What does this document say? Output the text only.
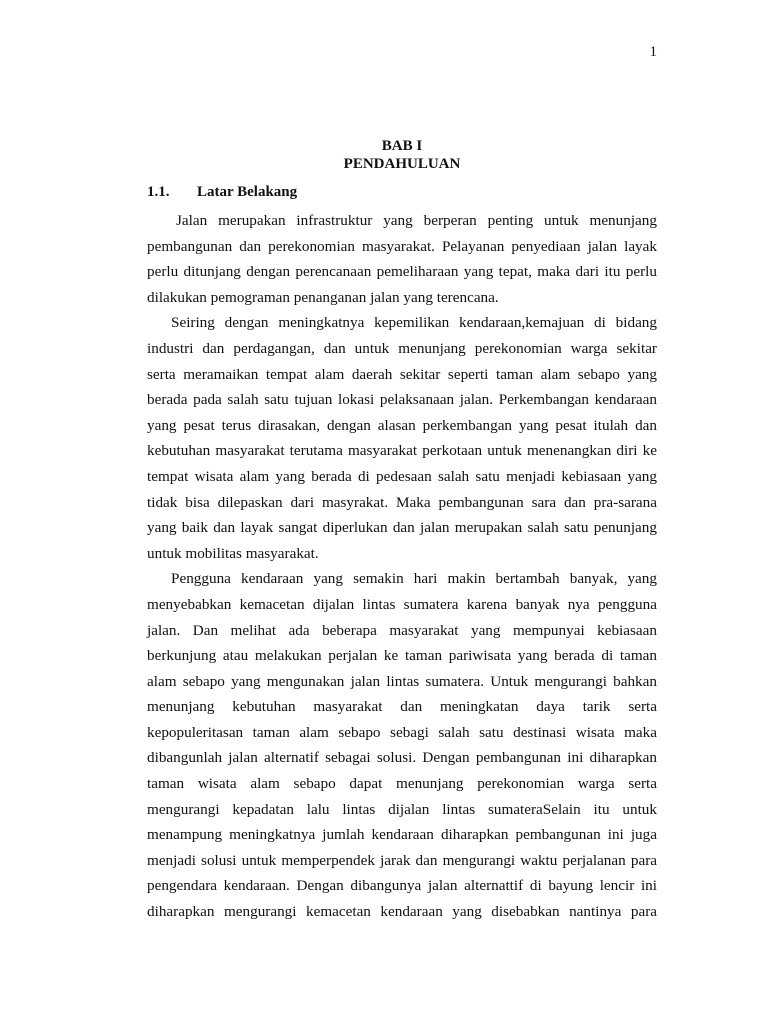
1
BAB I
PENDAHULUAN
1.1. Latar Belakang
Jalan merupakan infrastruktur yang berperan penting untuk menunjang
pembangunan dan perekonomian masyarakat. Pelayanan penyediaan jalan layak
perlu ditunjang dengan perencanaan pemeliharaan yang tepat, maka dari itu perlu
dilakukan pemograman penanganan jalan yang terencana.
Seiring dengan meningkatnya kepemilikan kendaraan,kemajuan di bidang
industri dan perdagangan, dan untuk menunjang perekonomian warga sekitar
serta meramaikan tempat alam daerah sekitar seperti taman alam sebapo yang
berada pada salah satu tujuan lokasi pelaksanaan jalan. Perkembangan kendaraan
yang pesat terus dirasakan, dengan alasan perkembangan yang pesat itulah dan
kebutuhan masyarakat terutama masyarakat perkotaan untuk menenangkan diri ke
tempat wisata alam yang berada di pedesaan salah satu menjadi kebiasaan yang
tidak bisa dilepaskan dari masyrakat. Maka pembangunan sara dan pra-sarana
yang baik dan layak sangat diperlukan dan jalan merupakan salah satu penunjang
untuk mobilitas masyarakat.
Pengguna kendaraan yang semakin hari makin bertambah banyak, yang
menyebabkan kemacetan dijalan lintas sumatera karena banyak nya pengguna
jalan. Dan melihat ada beberapa masyarakat yang mempunyai kebiasaan
berkunjung atau melakukan perjalan ke taman pariwisata yang berada di taman
alam sebapo yang mengunakan jalan lintas sumatera. Untuk mengurangi bahkan
menunjang kebutuhan masyarakat dan meningkatan daya tarik serta
kepopuleritasan taman alam sebapo sebagi salah satu destinasi wisata maka
dibangunlah jalan alternatif sebagai solusi. Dengan pembangunan ini diharapkan
taman wisata alam sebapo dapat menunjang perekonomian warga serta
mengurangi kepadatan lalu lintas dijalan lintas sumateraSelain itu untuk
menampung meningkatnya jumlah kendaraan diharapkan pembangunan ini juga
menjadi solusi untuk memperpendek jarak dan mengurangi waktu perjalanan para
pengendara kendaraan. Dengan dibangunya jalan alternattif di bayung lencir ini
diharapkan mengurangi kemacetan kendaraan yang disebabkan nantinya para
